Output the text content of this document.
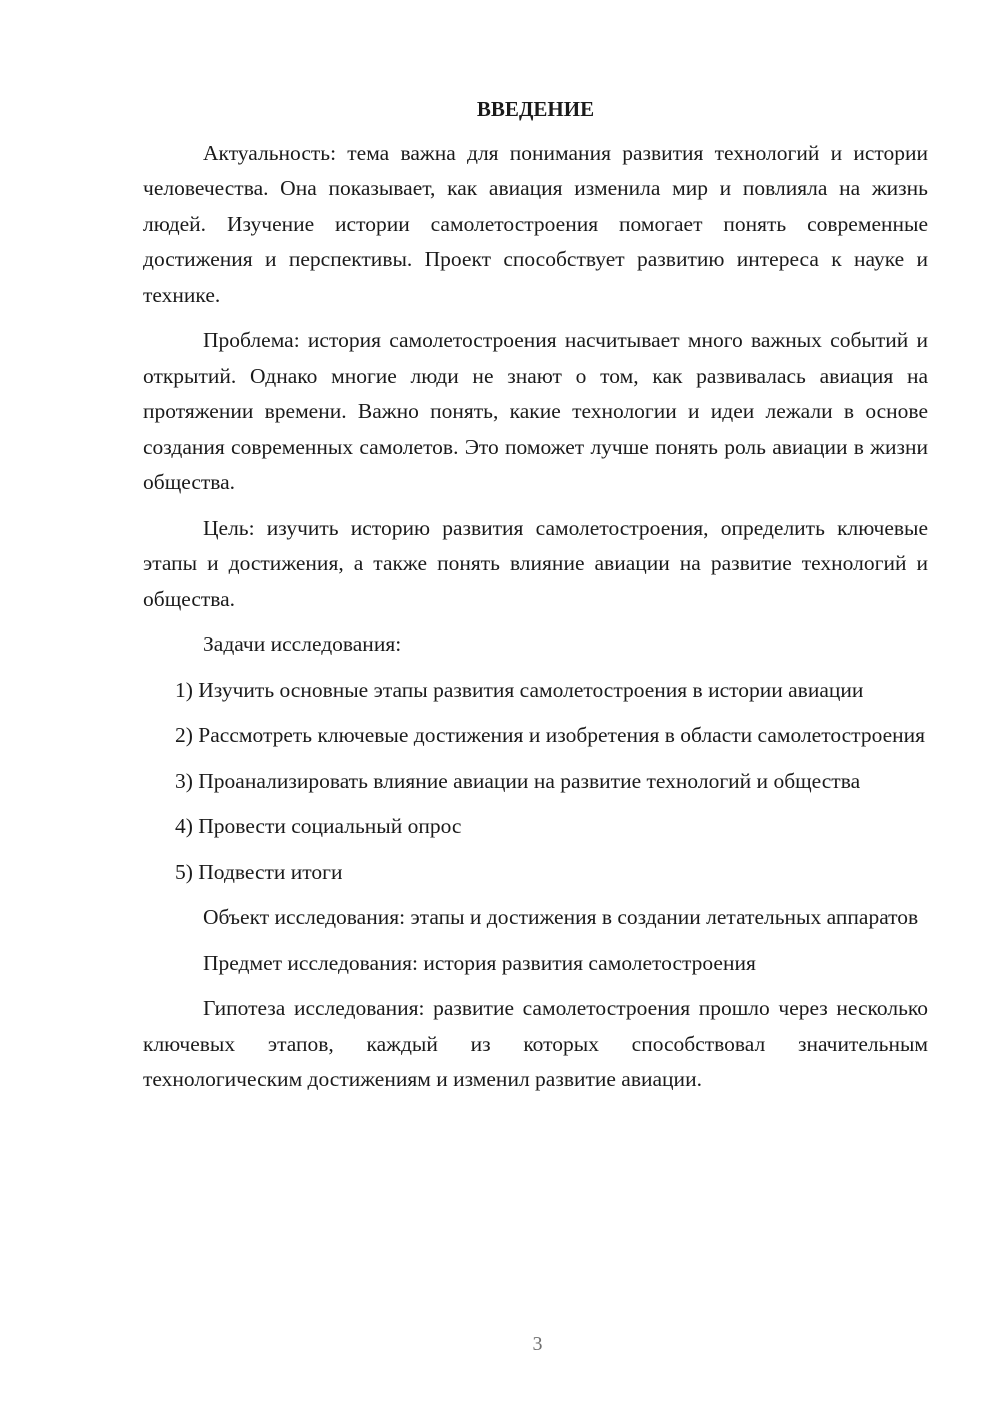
ВВЕДЕНИЕ

Актуальность: тема важна для понимания развития технологий и истории человечества. Она показывает, как авиация изменила мир и повлияла на жизнь людей. Изучение истории самолетостроения помогает понять современные достижения и перспективы. Проект способствует развитию интереса к науке и технике.

Проблема: история самолетостроения насчитывает много важных событий и открытий. Однако многие люди не знают о том, как развивалась авиация на протяжении времени. Важно понять, какие технологии и идеи лежали в основе создания современных самолетов. Это поможет лучше понять роль авиации в жизни общества.

Цель: изучить историю развития самолетостроения, определить ключевые этапы и достижения, а также понять влияние авиации на развитие технологий и общества.

Задачи исследования:

1) Изучить основные этапы развития самолетостроения в истории авиации

2) Рассмотреть ключевые достижения и изобретения в области самолетостроения

3) Проанализировать влияние авиации на развитие технологий и общества

4) Провести социальный опрос

5) Подвести итоги

Объект исследования: этапы и достижения в создании летательных аппаратов

Предмет исследования: история развития самолетостроения

Гипотеза исследования: развитие самолетостроения прошло через несколько ключевых этапов, каждый из которых способствовал значительным технологическим достижениям и изменил развитие авиации.

3
